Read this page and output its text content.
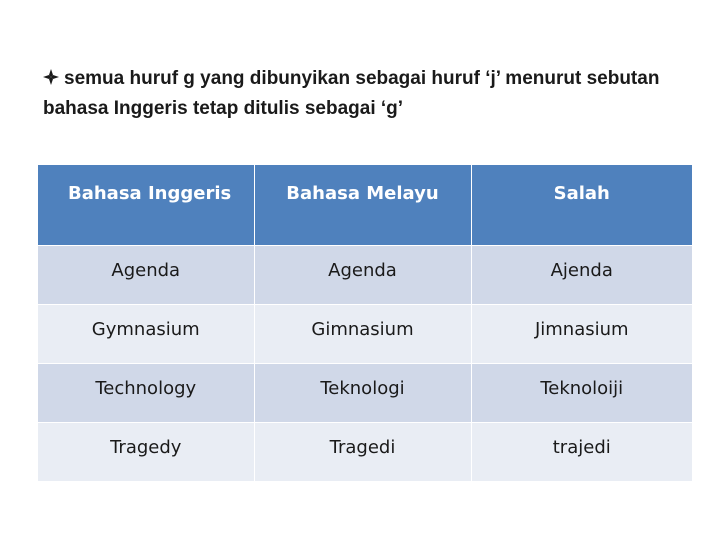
semua huruf g yang dibunyikan sebagai huruf ‘j’ menurut sebutan bahasa Inggeris tetap ditulis sebagai ‘g’
Bahasa Inggeris	Bahasa Melayu	Salah
Agenda	Agenda	Ajenda
Gymnasium	Gimnasium	Jimnasium
Technology	Teknologi	Teknoloiji
Tragedy	Tragedi	trajedi
